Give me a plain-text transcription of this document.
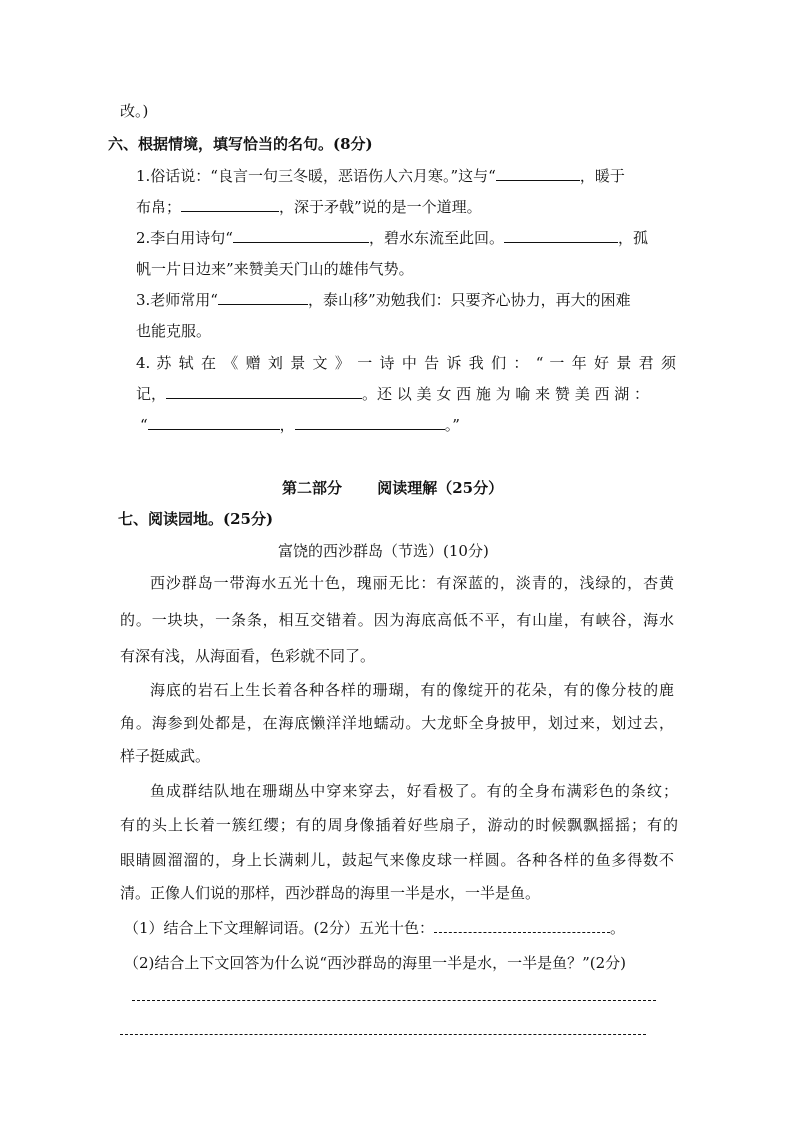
改。)
六、根据情境，填写恰当的名句。(8分)
1.俗话说：“良言一句三冬暖，恶语伤人六月寒。”这与“	，暖于
布帛；	，深于矛戟”说的是一个道理。
2.李白用诗句“	，碧水东流至此回。	，孤
帆一片日边来”来赞美天门山的雄伟气势。
3.老师常用“	，泰山移”劝勉我们：只要齐心协力，再大的困难
也能克服。
4. 苏 轼 在 《 赠 刘 景 文 》 一 诗 中 告 诉 我 们 ： “ 一 年 好 景 君 须
记，	。还 以 美 女 西 施 为 喻 来 赞 美 西 湖 ：
“	，	。”
第二部分　　 阅读理解（25分）
七、阅读园地。(25分)
富饶的西沙群岛（节选）(10分)
西沙群岛一带海水五光十色，瑰丽无比：有深蓝的，淡青的，浅绿的，杏黄
的。一块块，一条条，相互交错着。因为海底高低不平，有山崖，有峡谷，海水
有深有浅，从海面看，色彩就不同了。
海底的岩石上生长着各种各样的珊瑚，有的像绽开的花朵，有的像分枝的鹿
角。海参到处都是，在海底懒洋洋地蠕动。大龙虾全身披甲，划过来，划过去，
样子挺威武。
鱼成群结队地在珊瑚丛中穿来穿去，好看极了。有的全身布满彩色的条纹；
有的头上长着一簇红缨；有的周身像插着好些扇子，游动的时候飘飘摇摇；有的
眼睛圆溜溜的，身上长满刺儿，鼓起气来像皮球一样圆。各种各样的鱼多得数不
清。正像人们说的那样，西沙群岛的海里一半是水，一半是鱼。
（1）结合上下文理解词语。(2分）五光十色：	。
（2)结合上下文回答为什么说“西沙群岛的海里一半是水，一半是鱼？”(2分)
